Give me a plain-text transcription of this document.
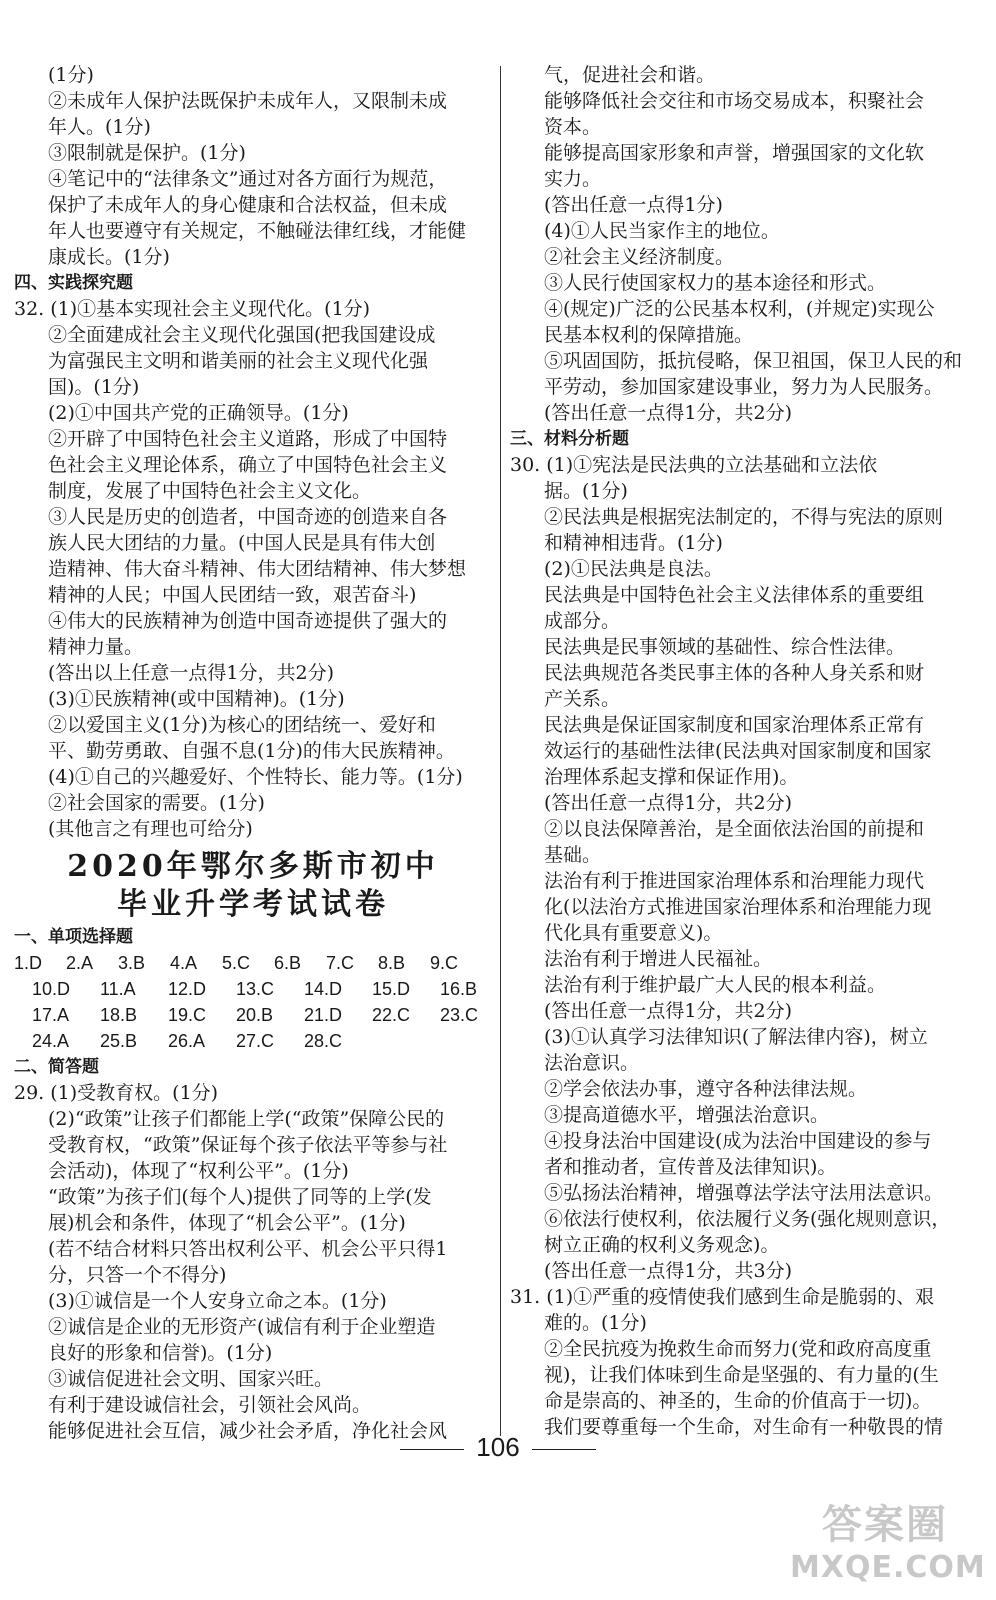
(1分)
②未成年人保护法既保护未成年人，又限制未成
年人。(1分)
③限制就是保护。(1分)
④笔记中的“法律条文”通过对各方面行为规范，
保护了未成年人的身心健康和合法权益，但未成
年人也要遵守有关规定，不触碰法律红线，才能健
康成长。(1分)
四、实践探究题
32. (1)①基本实现社会主义现代化。(1分)
②全面建成社会主义现代化强国(把我国建设成
为富强民主文明和谐美丽的社会主义现代化强
国)。(1分)
(2)①中国共产党的正确领导。(1分)
②开辟了中国特色社会主义道路，形成了中国特
色社会主义理论体系，确立了中国特色社会主义
制度，发展了中国特色社会主义文化。
③人民是历史的创造者，中国奇迹的创造来自各
族人民大团结的力量。(中国人民是具有伟大创
造精神、伟大奋斗精神、伟大团结精神、伟大梦想
精神的人民；中国人民团结一致，艰苦奋斗)
④伟大的民族精神为创造中国奇迹提供了强大的
精神力量。
(答出以上任意一点得1分，共2分)
(3)①民族精神(或中国精神)。(1分)
②以爱国主义(1分)为核心的团结统一、爱好和
平、勤劳勇敢、自强不息(1分)的伟大民族精神。
(4)①自己的兴趣爱好、个性特长、能力等。(1分)
②社会国家的需要。(1分)
(其他言之有理也可给分)
2020年鄂尔多斯市初中
毕业升学考试试卷
一、单项选择题
1.D 2.A 3.B 4.A 5.C 6.B 7.C 8.B 9.C
10.D 11.A 12.D 13.C 14.D 15.D 16.B
17.A 18.B 19.C 20.B 21.D 22.C 23.C
24.A 25.B 26.A 27.C 28.C
二、简答题
29. (1)受教育权。(1分)
(2)“政策”让孩子们都能上学(“政策”保障公民的
受教育权，“政策”保证每个孩子依法平等参与社
会活动)，体现了“权利公平”。(1分)
“政策”为孩子们(每个人)提供了同等的上学(发
展)机会和条件，体现了“机会公平”。(1分)
(若不结合材料只答出权利公平、机会公平只得1
分，只答一个不得分)
(3)①诚信是一个人安身立命之本。(1分)
②诚信是企业的无形资产(诚信有利于企业塑造
良好的形象和信誉)。(1分)
③诚信促进社会文明、国家兴旺。
有利于建设诚信社会，引领社会风尚。
能够促进社会互信，减少社会矛盾，净化社会风
气，促进社会和谐。
能够降低社会交往和市场交易成本，积聚社会
资本。
能够提高国家形象和声誉，增强国家的文化软
实力。
(答出任意一点得1分)
(4)①人民当家作主的地位。
②社会主义经济制度。
③人民行使国家权力的基本途径和形式。
④(规定)广泛的公民基本权利，(并规定)实现公
民基本权利的保障措施。
⑤巩固国防，抵抗侵略，保卫祖国，保卫人民的和
平劳动，参加国家建设事业，努力为人民服务。
(答出任意一点得1分，共2分)
三、材料分析题
30. (1)①宪法是民法典的立法基础和立法依
据。(1分)
②民法典是根据宪法制定的，不得与宪法的原则
和精神相违背。(1分)
(2)①民法典是良法。
民法典是中国特色社会主义法律体系的重要组
成部分。
民法典是民事领域的基础性、综合性法律。
民法典规范各类民事主体的各种人身关系和财
产关系。
民法典是保证国家制度和国家治理体系正常有
效运行的基础性法律(民法典对国家制度和国家
治理体系起支撑和保证作用)。
(答出任意一点得1分，共2分)
②以良法保障善治，是全面依法治国的前提和
基础。
法治有利于推进国家治理体系和治理能力现代
化(以法治方式推进国家治理体系和治理能力现
代化具有重要意义)。
法治有利于增进人民福祉。
法治有利于维护最广大人民的根本利益。
(答出任意一点得1分，共2分)
(3)①认真学习法律知识(了解法律内容)，树立
法治意识。
②学会依法办事，遵守各种法律法规。
③提高道德水平，增强法治意识。
④投身法治中国建设(成为法治中国建设的参与
者和推动者，宣传普及法律知识)。
⑤弘扬法治精神，增强尊法学法守法用法意识。
⑥依法行使权利，依法履行义务(强化规则意识，
树立正确的权利义务观念)。
(答出任意一点得1分，共3分)
31. (1)①严重的疫情使我们感到生命是脆弱的、艰
难的。(1分)
②全民抗疫为挽救生命而努力(党和政府高度重
视)，让我们体味到生命是坚强的、有力量的(生
命是崇高的、神圣的，生命的价值高于一切)。
我们要尊重每一个生命，对生命有一种敬畏的情
106
答案圈
MXQE.COM
